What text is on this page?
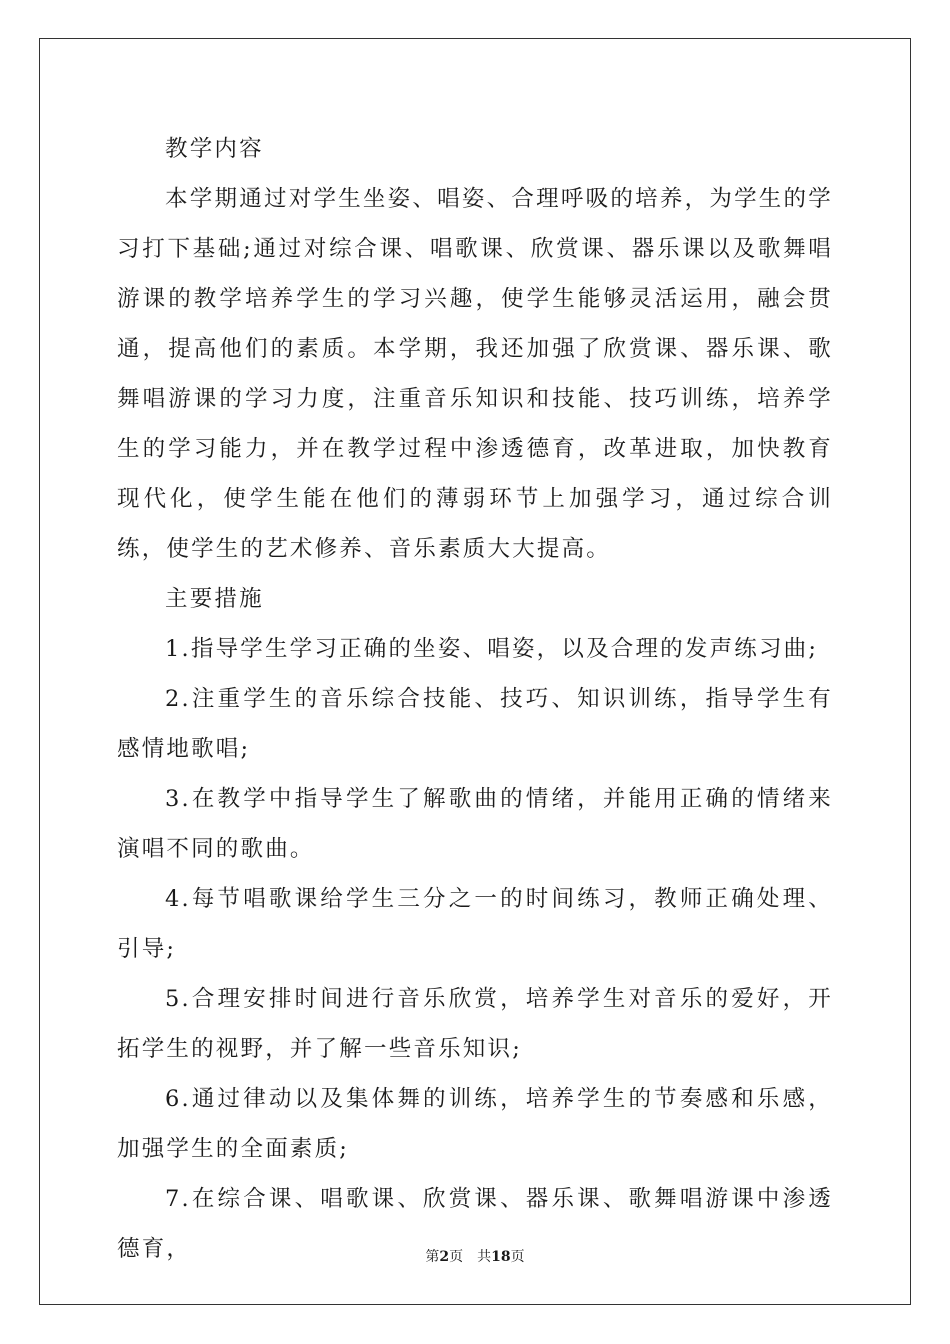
教学内容

本学期通过对学生坐姿、唱姿、合理呼吸的培养，为学生的学习打下基础;通过对综合课、唱歌课、欣赏课、器乐课以及歌舞唱游课的教学培养学生的学习兴趣，使学生能够灵活运用，融会贯通，提高他们的素质。本学期，我还加强了欣赏课、器乐课、歌舞唱游课的学习力度，注重音乐知识和技能、技巧训练，培养学生的学习能力，并在教学过程中渗透德育，改革进取，加快教育现代化，使学生能在他们的薄弱环节上加强学习，通过综合训练，使学生的艺术修养、音乐素质大大提高。

主要措施

1.指导学生学习正确的坐姿、唱姿，以及合理的发声练习曲;

2.注重学生的音乐综合技能、技巧、知识训练，指导学生有感情地歌唱;

3.在教学中指导学生了解歌曲的情绪，并能用正确的情绪来演唱不同的歌曲。

4.每节唱歌课给学生三分之一的时间练习，教师正确处理、引导;

5.合理安排时间进行音乐欣赏，培养学生对音乐的爱好，开拓学生的视野，并了解一些音乐知识;

6.通过律动以及集体舞的训练，培养学生的节奏感和乐感，加强学生的全面素质;

7.在综合课、唱歌课、欣赏课、器乐课、歌舞唱游课中渗透德育，	第2页 共18页
